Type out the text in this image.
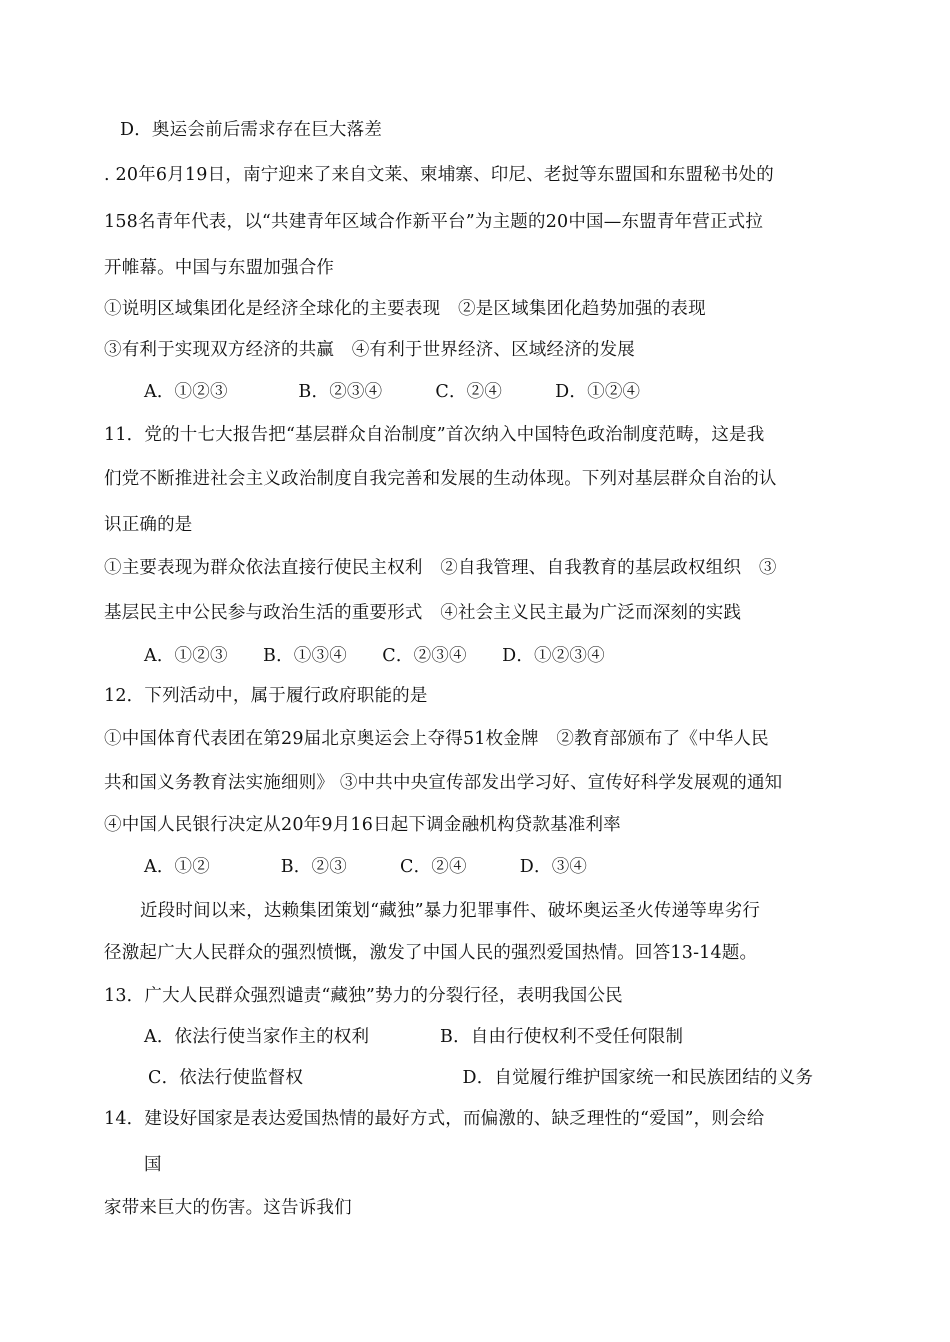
D．奥运会前后需求存在巨大落差
. 20年6月19日，南宁迎来了来自文莱、柬埔寨、印尼、老挝等东盟国和东盟秘书处的
158名青年代表，以“共建青年区域合作新平台”为主题的20中国—东盟青年营正式拉
开帷幕。中国与东盟加强合作
①说明区域集团化是经济全球化的主要表现　②是区域集团化趋势加强的表现
③有利于实现双方经济的共赢　④有利于世界经济、区域经济的发展
A．①②③　　　　B．②③④　　　C．②④　　　D．①②④
11．党的十七大报告把“基层群众自治制度”首次纳入中国特色政治制度范畴，这是我
们党不断推进社会主义政治制度自我完善和发展的生动体现。下列对基层群众自治的认
识正确的是
①主要表现为群众依法直接行使民主权利　②自我管理、自我教育的基层政权组织　③
基层民主中公民参与政治生活的重要形式　④社会主义民主最为广泛而深刻的实践
A．①②③　　B．①③④　　C．②③④　　D．①②③④
12．下列活动中，属于履行政府职能的是
①中国体育代表团在第29届北京奥运会上夺得51枚金牌　②教育部颁布了《中华人民
共和国义务教育法实施细则》 ③中共中央宣传部发出学习好、宣传好科学发展观的通知
④中国人民银行决定从20年9月16日起下调金融机构贷款基准利率
A．①②　　　　B．②③　　　C．②④　　　D．③④
近段时间以来，达赖集团策划“藏独”暴力犯罪事件、破坏奥运圣火传递等卑劣行
径激起广大人民群众的强烈愤慨，激发了中国人民的强烈爱国热情。回答13-14题。
13．广大人民群众强烈谴责“藏独”势力的分裂行径，表明我国公民
A．依法行使当家作主的权利　　　　B．自由行使权利不受任何限制
C．依法行使监督权　　　　　　　　　D．自觉履行维护国家统一和民族团结的义务
14．建设好国家是表达爱国热情的最好方式，而偏激的、缺乏理性的“爱国”，则会给
国
家带来巨大的伤害。这告诉我们
